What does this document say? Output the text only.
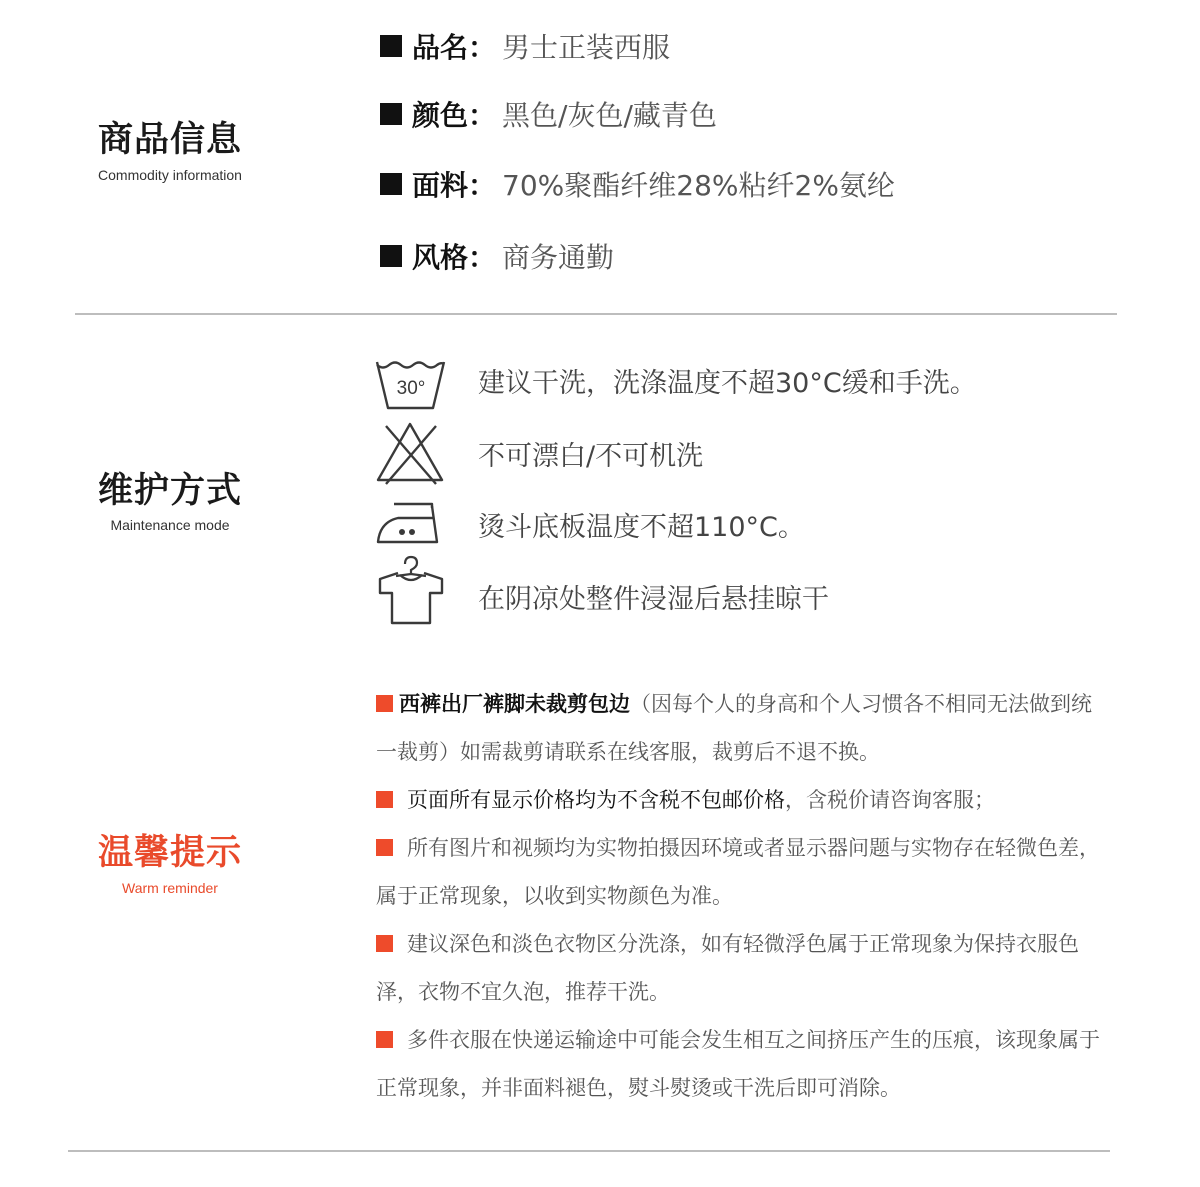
商品信息
Commodity information
品名： 男士正装西服
颜色： 黑色/灰色/藏青色
面料： 70%聚酯纤维28%粘纤2%氨纶
风格： 商务通勤
维护方式
Maintenance mode
30° 建议干洗，洗涤温度不超30°C缓和手洗。
不可漂白/不可机洗
烫斗底板温度不超110°C。
在阴凉处整件浸湿后悬挂晾干
温馨提示
Warm reminder

西裤出厂裤脚未裁剪包边（因每个人的身高和个人习惯各不相同无法做到统一裁剪）如需裁剪请联系在线客服，裁剪后不退不换。

页面所有显示价格均为不含税不包邮价格，含税价请咨询客服；

所有图片和视频均为实物拍摄因环境或者显示器问题与实物存在轻微色差，属于正常现象，以收到实物颜色为准。

建议深色和淡色衣物区分洗涤，如有轻微浮色属于正常现象为保持衣服色泽，衣物不宜久泡，推荐干洗。

多件衣服在快递运输途中可能会发生相互之间挤压产生的压痕，该现象属于正常现象，并非面料褪色，熨斗熨烫或干洗后即可消除。
